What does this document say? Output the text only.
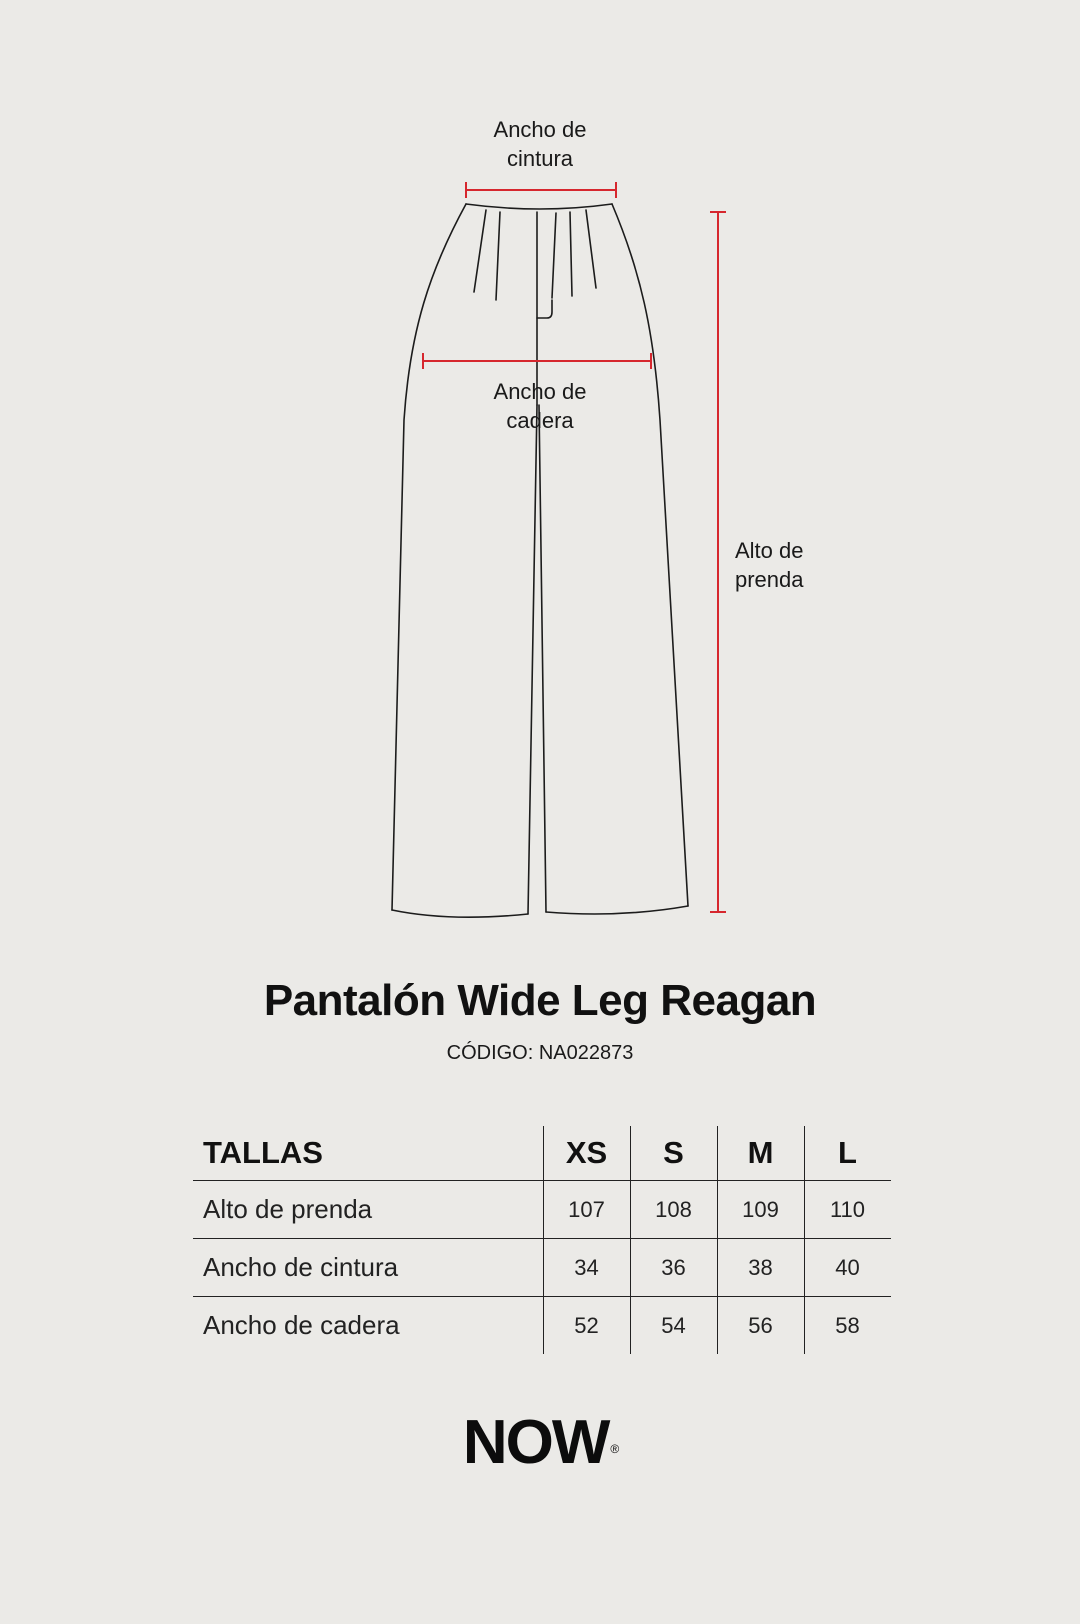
Ancho de
cintura
Ancho de
cadera
Alto de
prenda
Pantalón Wide Leg Reagan
CÓDIGO: NA022873
TALLAS	XS	S	M	L
Alto de prenda	107	108	109	110
Ancho de cintura	34	36	38	40
Ancho de cadera	52	54	56	58
NOW ®
